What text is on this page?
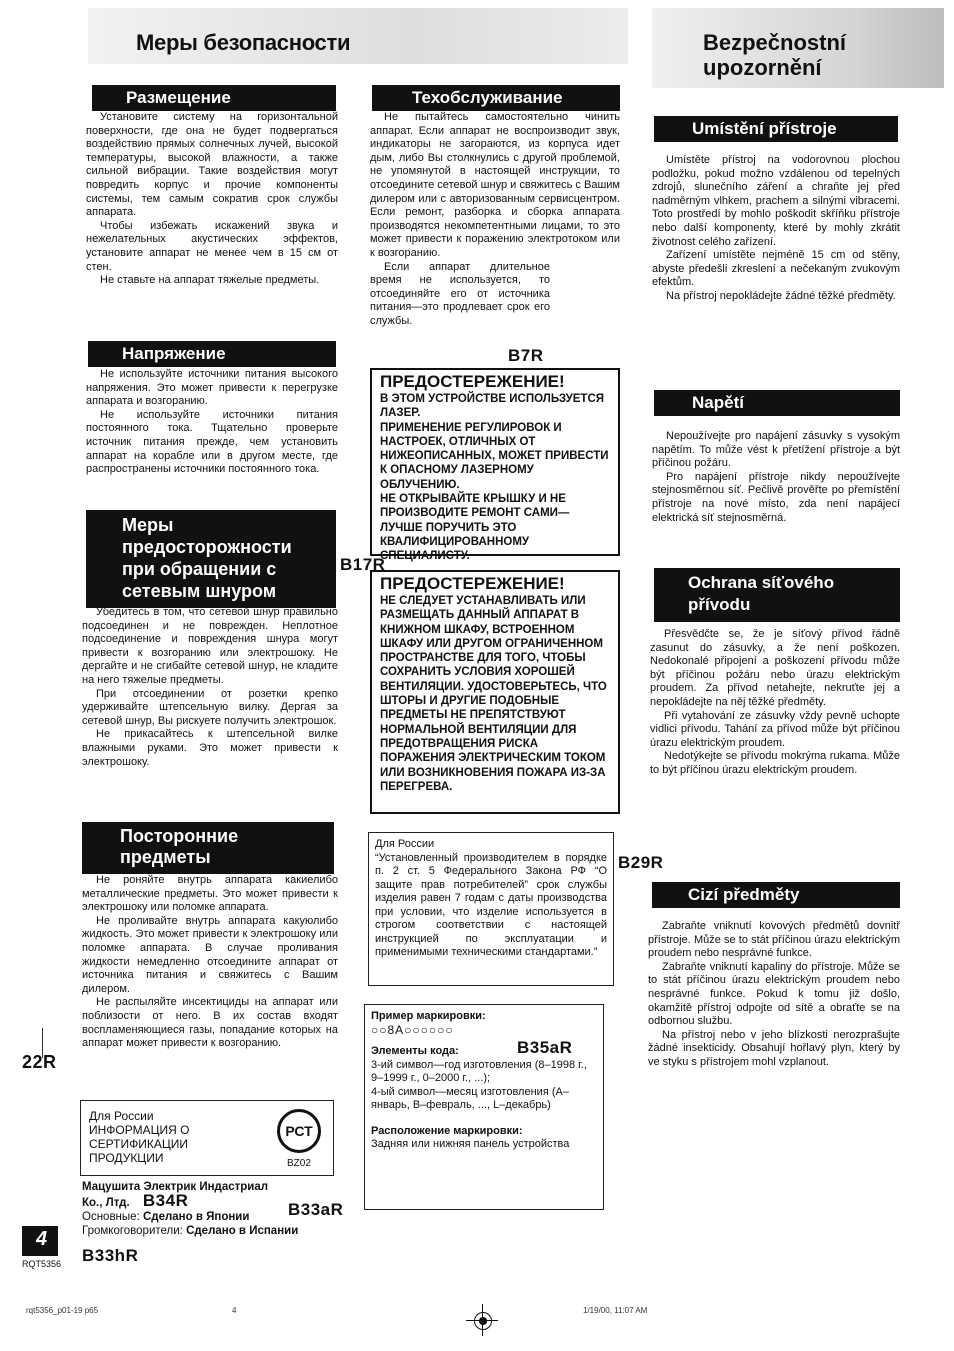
Меры безопасности	Bezpečnostní
upozornění
Размещение

Установите систему на горизонтальной поверхности, где она не будет подвергаться воздействию прямых солнечных лучей, высокой температуры, высокой влажности, а также сильной вибрации. Такие воздействия могут повредить корпус и прочие компоненты системы, тем самым сократив срок службы аппарата.

Чтобы избежать искажений звука и нежелательных акустических эффектов, установите аппарат не менее чем в 15 см от стен.

Не ставьте на аппарат тяжелые предметы.

Напряжение

Не используйте источники питания высокого напряжения. Это может привести к перегрузке аппарата и возгоранию.

Не используйте источники питания постоянного тока. Тщательно проверьте источник питания прежде, чем установить аппарат на корабле или в другом месте, где распространены источники постоянного тока.

Меры
предосторожности
при обращении с
сетевым шнуром

Убедитесь в том, что сетевой шнур правильно подсоединен и не поврежден. Неплотное подсоединение и повреждения шнура могут привести к возгоранию или электрошоку. Не дергайте и не сгибайте сетевой шнур, не кладите на него тяжелые предметы.

При отсоединении от розетки крепко удерживайте штепсельную вилку. Дергая за сетевой шнур, Вы рискуете получить электрошок.

Не прикасайтесь к штепсельной вилке влажными руками. Это может привести к электрошоку.

Посторонние
предметы

Не роняйте внутрь аппарата какиелибо металлические предметы. Это может привести к электрошоку или поломке аппарата.

Не проливайте внутрь аппарата какуюлибо жидкость. Это может привести к электрошоку или поломке аппарата. В случае проливания жидкости немедленно отсоедините аппарат от источника питания и свяжитесь с Вашим дилером.

Не распыляйте инсектициды на аппарат или поблизости от него. В их состав входят воспламеняющиеся газы, попадание которых на аппарат может привести к возгоранию.

22R
Для России
ИНФОРМАЦИЯ О
СЕРТИФИКАЦИИ
ПРОДУКЦИИ
РСТ
BZ02
Мацушита Электрик Индастриал
Ко., Лтд. B34R
Основные: Сделано в Японии
Громкоговорители: Сделано в Испании
B33aR
4
RQT5356 B33hR
Техобслуживание

Не пытайтесь самостоятельно чинить аппарат. Если аппарат не воспроизводит звук, индикаторы не загораются, из корпуса идет дым, либо Вы столкнулись с другой проблемой, не упомянутой в настоящей инструкции, то отсоедините сетевой шнур и свяжитесь с Вашим дилером или с авторизованным сервисцентром. Если ремонт, разборка и сборка аппарата производятся некомпетентными лицами, то это может привести к поражению электротоком или к возгоранию.

Если аппарат длительное время не используется, то отсоединяйте его от источника питания—это продлевает срок его службы.

B7R
ПРЕДОСТЕРЕЖЕНИЕ!
В ЭТОМ УСТРОЙСТВЕ ИСПОЛЬЗУЕТСЯ ЛАЗЕР.
ПРИМЕНЕНИЕ РЕГУЛИРОВОК И НАСТРОЕК, ОТЛИЧНЫХ ОТ НИЖЕОПИСАННЫХ, МОЖЕТ ПРИВЕСТИ К ОПАСНОМУ ЛАЗЕРНОМУ ОБЛУЧЕНИЮ.
НЕ ОТКРЫВАЙТЕ КРЫШКУ И НЕ ПРОИЗВОДИТЕ РЕМОНТ САМИ—ЛУЧШЕ ПОРУЧИТЬ ЭТО КВАЛИФИЦИРОВАННОМУ СПЕЦИАЛИСТУ.
B17R
ПРЕДОСТЕРЕЖЕНИЕ!
НЕ СЛЕДУЕТ УСТАНАВЛИВАТЬ ИЛИ РАЗМЕЩАТЬ ДАННЫЙ АППАРАТ В КНИЖНОМ ШКАФУ, ВСТРОЕННОМ ШКАФУ ИЛИ ДРУГОМ ОГРАНИЧЕННОМ ПРОСТРАНСТВЕ ДЛЯ ТОГО, ЧТОБЫ СОХРАНИТЬ УСЛОВИЯ ХОРОШЕЙ ВЕНТИЛЯЦИИ. УДОСТОВЕРЬТЕСЬ, ЧТО ШТОРЫ И ДРУГИЕ ПОДОБНЫЕ ПРЕДМЕТЫ НЕ ПРЕПЯТСТВУЮТ НОРМАЛЬНОЙ ВЕНТИЛЯЦИИ ДЛЯ ПРЕДОТВРАЩЕНИЯ РИСКА ПОРАЖЕНИЯ ЭЛЕКТРИЧЕСКИМ ТОКОМ ИЛИ ВОЗНИКНОВЕНИЯ ПОЖАРА ИЗ-ЗА ПЕРЕГРЕВА.
Для России
“Установленный производителем в порядке п. 2 ст. 5 Федерального Закона РФ “О защите прав потребителей” срок службы изделия равен 7 годам с даты производства при условии, что изделие используется в строгом соответствии с настоящей инструкцией по эксплуатации и применимыми техническими стандартами.”
Пример маркировки:
○○8A○○○○○○
B35aR
Элементы кода:
3-ий символ—год изготовления (8–1998 г., 9–1999 г., 0–2000 г., ...);
4-ый символ—месяц изготовления (А–январь, В–февраль, ..., L–декабрь)
Расположение маркировки:
Задняя или нижняя панель устройства
Umístění přístroje

Umístěte přístroj na vodorovnou plochou podložku, pokud možno vzdálenou od tepelných zdrojů, slunečního záření a chraňte jej před nadměrným vlhkem, prachem a silnými vibracemi. Toto prostředí by mohlo poškodit skříňku přístroje nebo další komponenty, které by mohly zkrátit životnost celého zařízení.

Zařízení umístěte nejméně 15 cm od stěny, abyste předešli zkreslení a nečekaným zvukovým efektům.

Na přístroj nepokládejte žádné těžké předměty.

Napětí

Nepoužívejte pro napájení zásuvky s vysokým napětím. To může vést k přetížení přístroje a být příčinou požáru.

Pro napájení přístroje nikdy nepoužívejte stejnosměrnou síť. Pečlivě prověřte po přemístění přístroje na nové místo, zda není napájecí elektrická síť stejnosměrná.

Ochrana síťového
přívodu

Přesvědčte se, že je síťový přívod řádně zasunut do zásuvky, a že není poškozen. Nedokonalé připojení a poškození přívodu může být příčinou požáru nebo úrazu elektrickým proudem. Za přívod netahejte, nekruťte jej a nepokládejte na něj těžké předměty.

Při vytahování ze zásuvky vždy pevně uchopte vidlici přívodu. Tahání za přívod může být příčinou úrazu elektrickým proudem.

Nedotýkejte se přívodu mokrýma rukama. Může to být příčinou úrazu elektrickým proudem.

B29R
Cizí předměty

Zabraňte vniknutí kovových předmětů dovnitř přístroje. Může se to stát příčinou úrazu elektrickým proudem nebo nesprávné funkce.

Zabraňte vniknutí kapaliny do přístroje. Může se to stát příčinou úrazu elektrickým proudem nebo nesprávné funkce. Pokud k tomu již došlo, okamžitě přístroj odpojte od sítě a obraťte se na odbornou službu.

Na přístroj nebo v jeho blízkosti nerozprašujte žádné insekticidy. Obsahují hořlavý plyn, který by ve styku s přístrojem mohl vzplanout.

rqt5356_p01-19 p65	4	1/19/00, 11:07 AM
